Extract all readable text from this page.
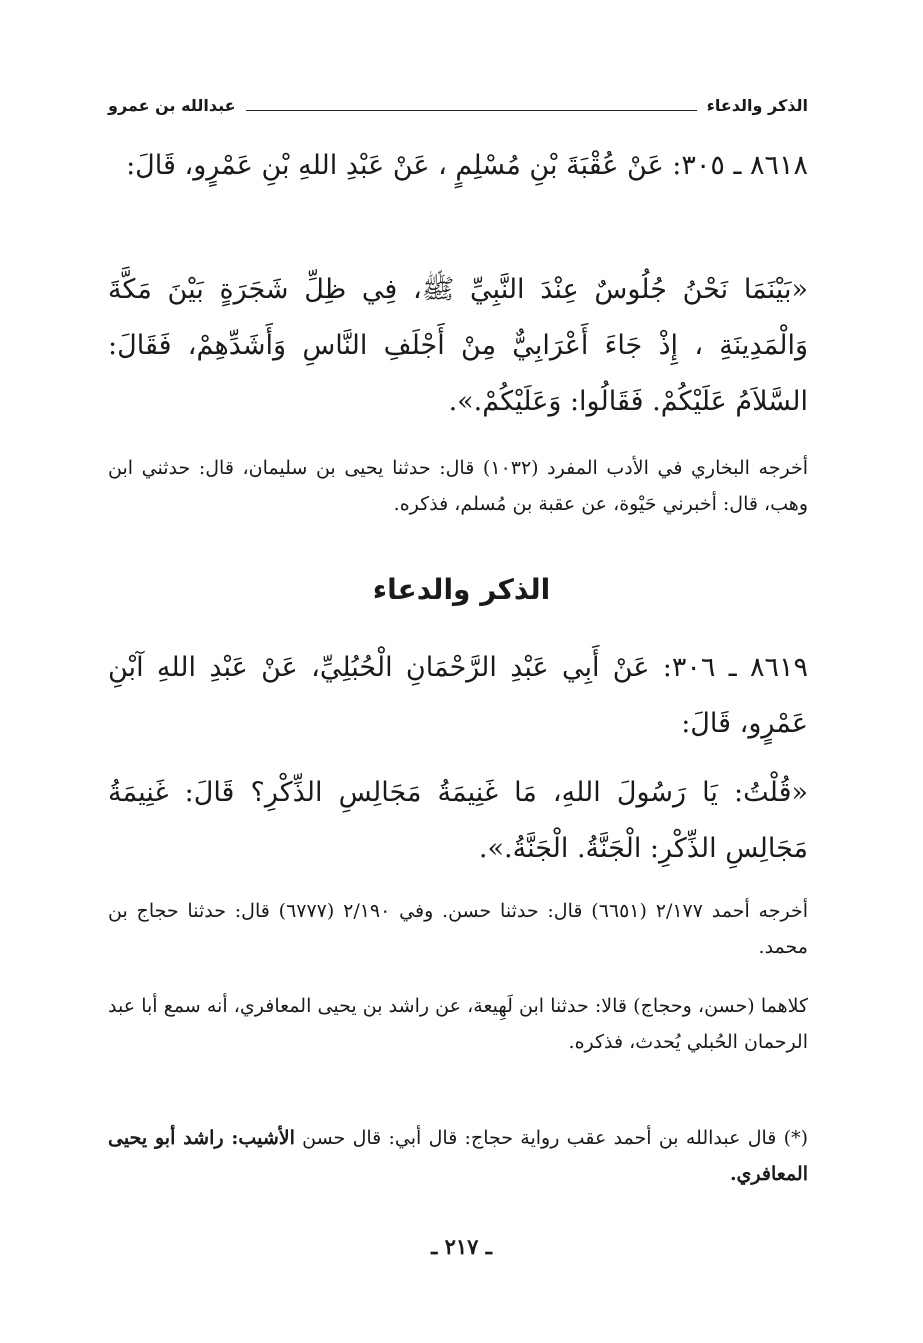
الذكر والدعاء
عبدالله بن عمرو

٨٦١٨ ـ ٣٠٥: عَنْ عُقْبَةَ بْنِ مُسْلِمٍ ، عَنْ عَبْدِ اللهِ بْنِ عَمْرٍو، قَالَ:

«بَيْنَمَا نَحْنُ جُلُوسٌ عِنْدَ النَّبِيِّ ﷺ، فِي ظِلِّ شَجَرَةٍ بَيْنَ مَكَّةَ وَالْمَدِينَةِ ، إِذْ جَاءَ أَعْرَابِيٌّ مِنْ أَجْلَفِ النَّاسِ وَأَشَدِّهِمْ، فَقَالَ: السَّلاَمُ عَلَيْكُمْ. فَقَالُوا: وَعَلَيْكُمْ.».

أخرجه البخاري في الأدب المفرد (١٠٣٢) قال: حدثنا يحيى بن سليمان، قال: حدثني ابن وهب، قال: أخبرني حَيْوة، عن عقبة بن مُسلم، فذكره.

الذكر والدعاء

٨٦١٩ ـ ٣٠٦: عَنْ أَبِي عَبْدِ الرَّحْمَانِ الْحُبُلِيِّ، عَنْ عَبْدِ اللهِ آبْنِ عَمْرٍو، قَالَ:

«قُلْتُ: يَا رَسُولَ اللهِ، مَا غَنِيمَةُ مَجَالِسِ الذِّكْرِ؟ قَالَ: غَنِيمَةُ مَجَالِسِ الذِّكْرِ: الْجَنَّةُ. الْجَنَّةُ.».

أخرجه أحمد ٢/١٧٧ (٦٦٥١) قال: حدثنا حسن. وفي ٢/١٩٠ (٦٧٧٧) قال: حدثنا حجاج بن محمد.

كلاهما (حسن، وحجاج) قالا: حدثنا ابن لَهِيعة، عن راشد بن يحيى المعافري، أنه سمع أبا عبد الرحمان الحُبلي يُحدث، فذكره.

(*) قال عبدالله بن أحمد عقب رواية حجاج: قال أبي: قال حسن الأشيب: راشد أبو يحيى المعافري.

ـ ٢١٧ ـ
